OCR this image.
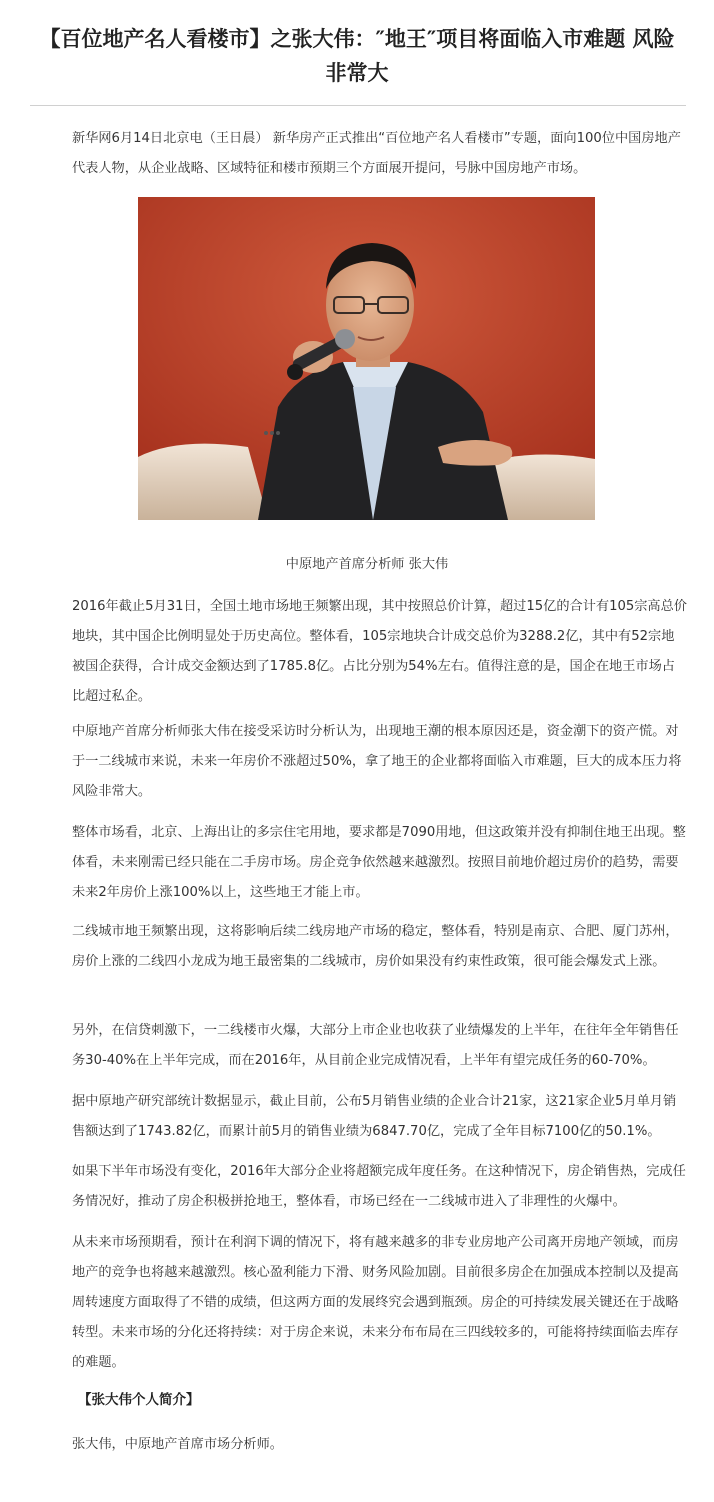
【百位地产名人看楼市】之张大伟：″地王″项目将面临入市难题 风险非常大

新华网6月14日北京电（王日晨） 新华房产正式推出“百位地产名人看楼市”专题，面向100位中国房地产代表人物，从企业战略、区域特征和楼市预期三个方面展开提问，号脉中国房地产市场。

中原地产首席分析师 张大伟

2016年截止5月31日，全国土地市场地王频繁出现，其中按照总价计算，超过15亿的合计有105宗高总价地块，其中国企比例明显处于历史高位。整体看，105宗地块合计成交总价为3288.2亿，其中有52宗地被国企获得，合计成交金额达到了1785.8亿。占比分别为54%左右。值得注意的是，国企在地王市场占比超过私企。

中原地产首席分析师张大伟在接受采访时分析认为，出现地王潮的根本原因还是，资金潮下的资产慌。对于一二线城市来说，未来一年房价不涨超过50%，拿了地王的企业都将面临入市难题，巨大的成本压力将风险非常大。

整体市场看，北京、上海出让的多宗住宅用地，要求都是7090用地，但这政策并没有抑制住地王出现。整体看，未来刚需已经只能在二手房市场。房企竞争依然越来越激烈。按照目前地价超过房价的趋势，需要未来2年房价上涨100%以上，这些地王才能上市。

二线城市地王频繁出现，这将影响后续二线房地产市场的稳定，整体看，特别是南京、合肥、厦门苏州，房价上涨的二线四小龙成为地王最密集的二线城市，房价如果没有约束性政策，很可能会爆发式上涨。

另外，在信贷刺激下，一二线楼市火爆，大部分上市企业也收获了业绩爆发的上半年，在往年全年销售任务30-40%在上半年完成，而在2016年，从目前企业完成情况看，上半年有望完成任务的60-70%。

据中原地产研究部统计数据显示，截止目前，公布5月销售业绩的企业合计21家，这21家企业5月单月销售额达到了1743.82亿，而累计前5月的销售业绩为6847.70亿，完成了全年目标7100亿的50.1%。

如果下半年市场没有变化，2016年大部分企业将超额完成年度任务。在这种情况下，房企销售热，完成任务情况好，推动了房企积极拼抢地王，整体看，市场已经在一二线城市进入了非理性的火爆中。

从未来市场预期看，预计在利润下调的情况下，将有越来越多的非专业房地产公司离开房地产领域，而房地产的竞争也将越来越激烈。核心盈利能力下滑、财务风险加剧。目前很多房企在加强成本控制以及提高周转速度方面取得了不错的成绩，但这两方面的发展终究会遇到瓶颈。房企的可持续发展关键还在于战略转型。未来市场的分化还将持续：对于房企来说，未来分布布局在三四线较多的，可能将持续面临去库存的难题。

【张大伟个人简介】

张大伟，中原地产首席市场分析师。
